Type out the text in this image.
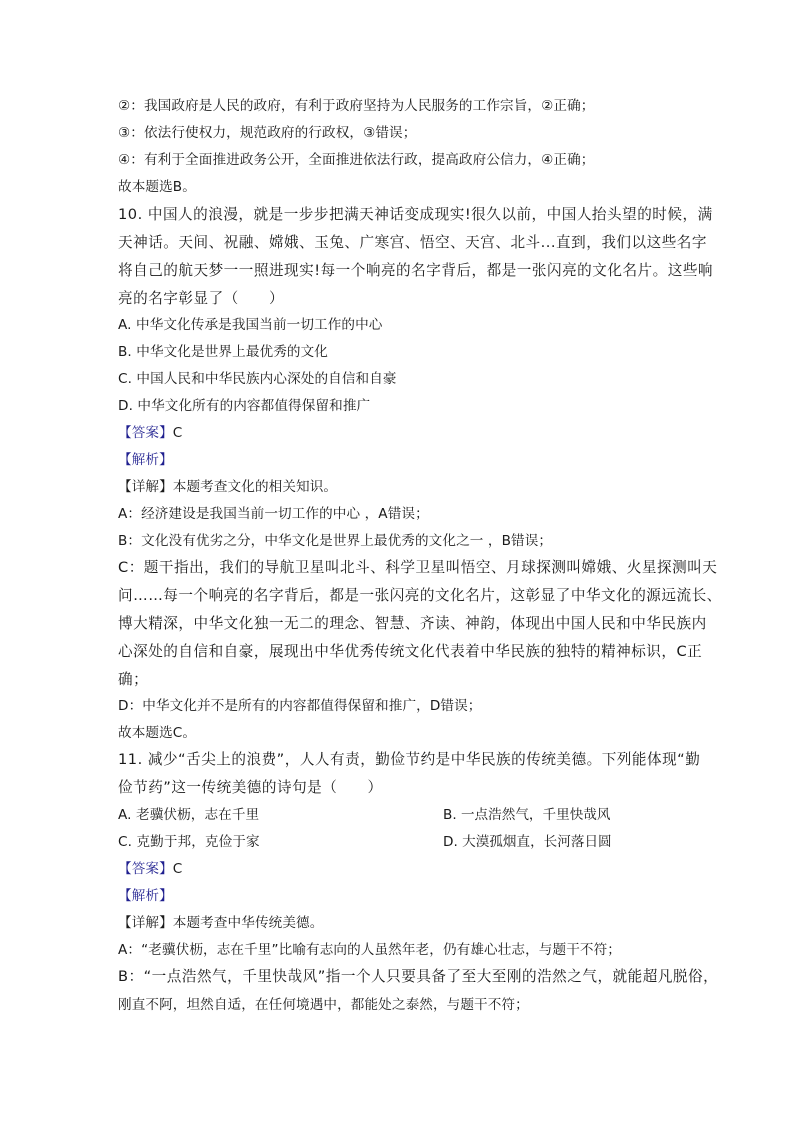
②：我国政府是人民的政府，有利于政府坚持为人民服务的工作宗旨，②正确；
③：依法行使权力，规范政府的行政权，③错误；
④：有利于全面推进政务公开，全面推进依法行政，提高政府公信力，④正确；
故本题选B。
10. 中国人的浪漫，就是一步步把满天神话变成现实!很久以前，中国人抬头望的时候，满
天神话。天间、祝融、嫦娥、玉兔、广寒宫、悟空、天宫、北斗...直到，我们以这些名字
将自己的航天梦一一照进现实!每一个响亮的名字背后，都是一张闪亮的文化名片。这些响
亮的名字彰显了（　　）
A. 中华文化传承是我国当前一切工作的中心
B. 中华文化是世界上最优秀的文化
C. 中国人民和中华民族内心深处的自信和自豪
D. 中华文化所有的内容都值得保留和推广
【答案】C
【解析】
【详解】本题考查文化的相关知识。
A：经济建设是我国当前一切工作的中心 ，A错误；
B：文化没有优劣之分，中华文化是世界上最优秀的文化之一 ，B错误；
C：题干指出，我们的导航卫星叫北斗、科学卫星叫悟空、月球探测叫嫦娥、火星探测叫天
问……每一个响亮的名字背后，都是一张闪亮的文化名片，这彰显了中华文化的源远流长、
博大精深，中华文化独一无二的理念、智慧、齐读、神韵，体现出中国人民和中华民族内
心深处的自信和自豪，展现出中华优秀传统文化代表着中华民族的独特的精神标识，C正
确；
D：中华文化并不是所有的内容都值得保留和推广，D错误；
故本题选C。
11. 减少“舌尖上的浪费”，人人有责，勤俭节约是中华民族的传统美德。下列能体现“勤
俭节药”这一传统美德的诗句是（　　）
A. 老骥伏枥，志在千里	B. 一点浩然气，千里快哉风
C. 克勤于邦，克俭于家	D. 大漠孤烟直，长河落日圆
【答案】C
【解析】
【详解】本题考查中华传统美德。
A：“老骥伏枥，志在千里”比喻有志向的人虽然年老，仍有雄心壮志，与题干不符；
B：“一点浩然气，千里快哉风”指一个人只要具备了至大至刚的浩然之气，就能超凡脱俗，
刚直不阿，坦然自适，在任何境遇中，都能处之泰然，与题干不符；
